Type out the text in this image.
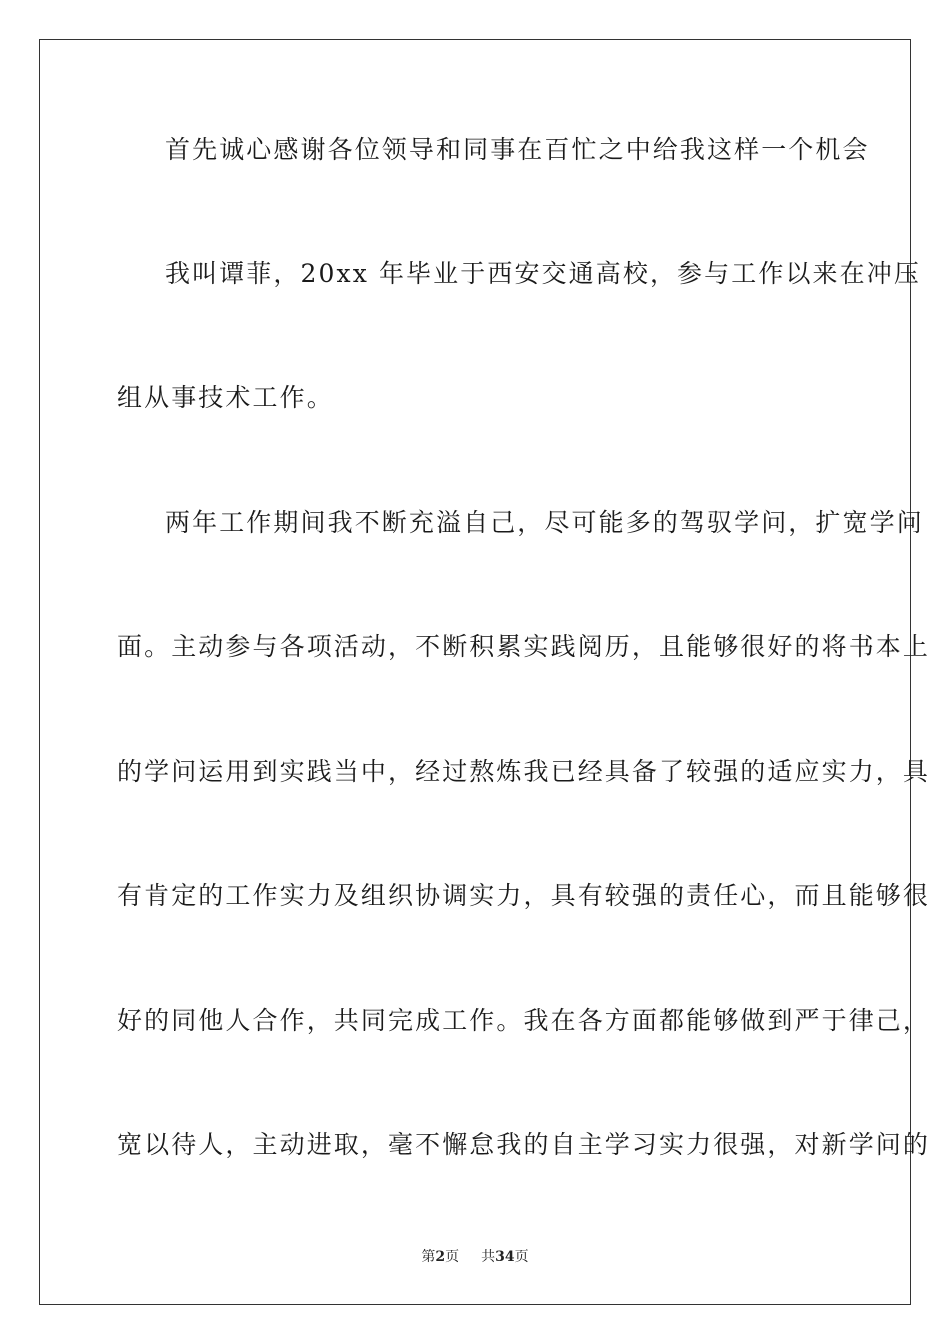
首先诚心感谢各位领导和同事在百忙之中给我这样一个机会
我叫谭菲，20xx 年毕业于西安交通高校，参与工作以来在冲压
组从事技术工作。
两年工作期间我不断充溢自己，尽可能多的驾驭学问，扩宽学问
面。主动参与各项活动，不断积累实践阅历，且能够很好的将书本上
的学问运用到实践当中，经过熬炼我已经具备了较强的适应实力，具
有肯定的工作实力及组织协调实力，具有较强的责任心，而且能够很
好的同他人合作，共同完成工作。我在各方面都能够做到严于律己，
宽以待人，主动进取，毫不懈怠我的自主学习实力很强，对新学问的
第2页 共34页
